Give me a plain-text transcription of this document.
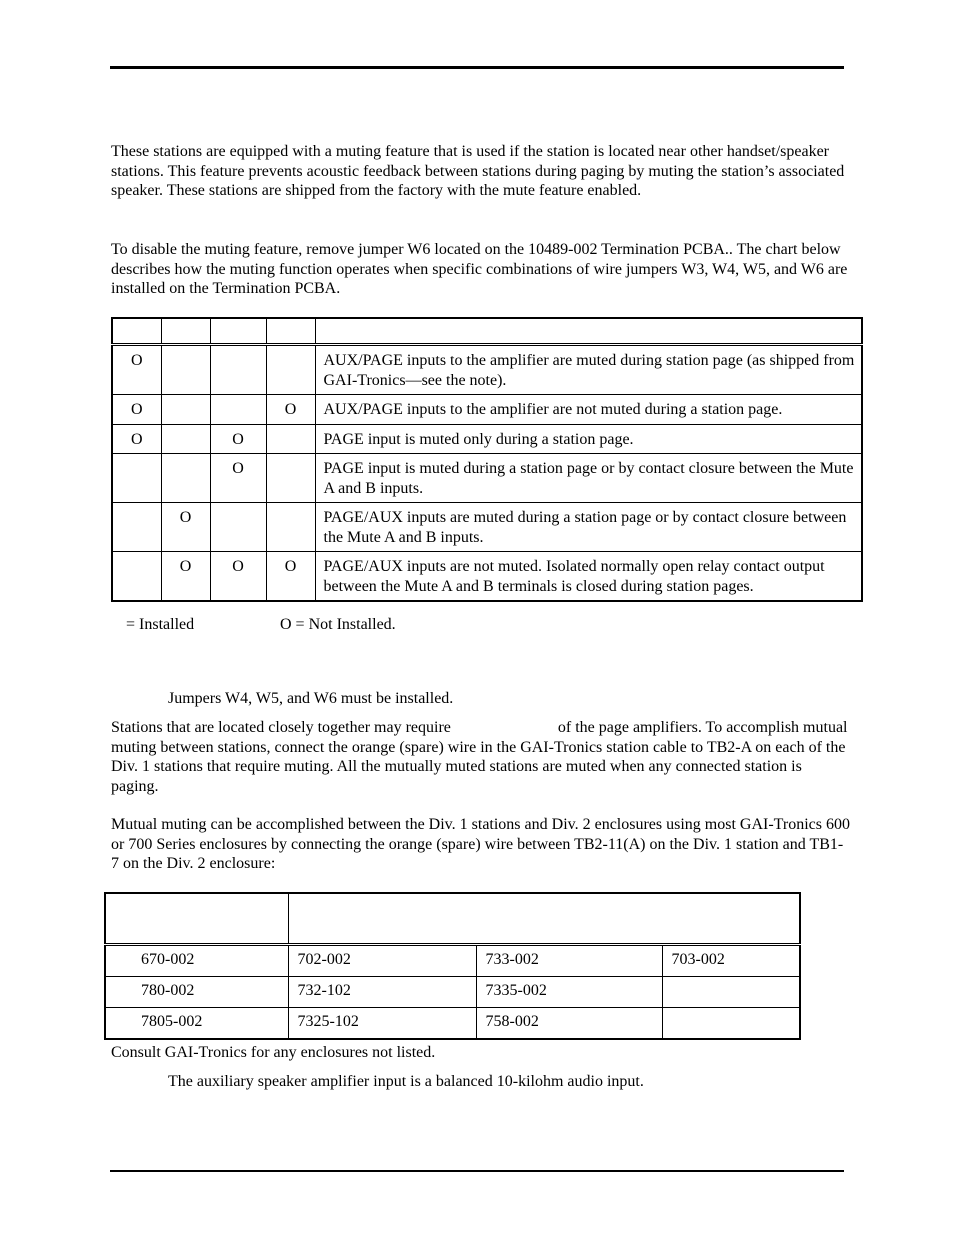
These stations are equipped with a muting feature that is used if the station is located near other handset/speaker stations. This feature prevents acoustic feedback between stations during paging by muting the station’s associated speaker. These stations are shipped from the factory with the mute feature enabled.

To disable the muting feature, remove jumper W6 located on the 10489-002 Termination PCBA.. The chart below describes how the muting function operates when specific combinations of wire jumpers W3, W4, W5, and W6 are installed on the Termination PCBA.

O				AUX/PAGE inputs to the amplifier are muted during station page (as shipped from GAI-Tronics—see the note).
O			O	AUX/PAGE inputs to the amplifier are not muted during a station page.
O		O		PAGE input is muted only during a station page.
		O		PAGE input is muted during a station page or by contact closure between the Mute A and B inputs.
	O			PAGE/AUX inputs are muted during a station page or by contact closure between the Mute A and B inputs.
	O	O	O	PAGE/AUX inputs are not muted. Isolated normally open relay contact output between the Mute A and B terminals is closed during station pages.

= Installed	O = Not Installed.

Jumpers W4, W5, and W6 must be installed.

Stations that are located closely together may require	of the page amplifiers. To accomplish mutual muting between stations, connect the orange (spare) wire in the GAI-Tronics station cable to TB2-A on each of the Div. 1 stations that require muting. All the mutually muted stations are muted when any connected station is paging.

Mutual muting can be accomplished between the Div. 1 stations and Div. 2 enclosures using most GAI-Tronics 600 or 700 Series enclosures by connecting the orange (spare) wire between TB2-11(A) on the Div. 1 station and TB1-7 on the Div. 2 enclosure:

670-002	702-002	733-002	703-002
780-002	732-102	7335-002	
7805-002	7325-102	758-002	

Consult GAI-Tronics for any enclosures not listed.

The auxiliary speaker amplifier input is a balanced 10-kilohm audio input.
